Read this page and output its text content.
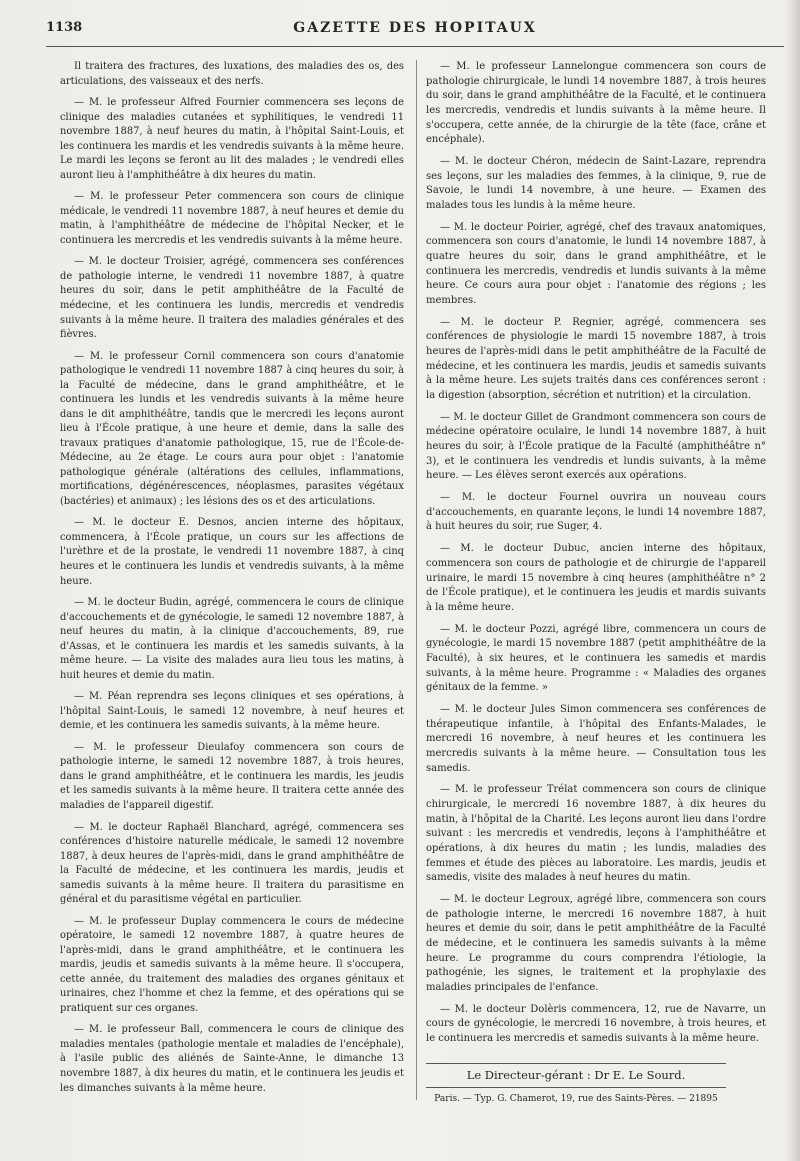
1138	GAZETTE DES HOPITAUX

Il traitera des fractures, des luxations, des maladies des os, des articulations, des vaisseaux et des nerfs.

— M. le professeur Alfred Fournier commencera ses leçons de clinique des maladies cutanées et syphilitiques, le vendredi 11 novembre 1887, à neuf heures du matin, à l'hôpital Saint-Louis, et les continuera les mardis et les vendredis suivants à la même heure. Le mardi les leçons se feront au lit des malades ; le vendredi elles auront lieu à l'amphithéâtre à dix heures du matin.

— M. le professeur Peter commencera son cours de clinique médicale, le vendredi 11 novembre 1887, à neuf heures et demie du matin, à l'amphithéâtre de médecine de l'hôpital Necker, et le continuera les mercredis et les vendredis suivants à la même heure.

— M. le docteur Troisier, agrégé, commencera ses conférences de pathologie interne, le vendredi 11 novembre 1887, à quatre heures du soir, dans le petit amphithéâtre de la Faculté de médecine, et les continuera les lundis, mercredis et vendredis suivants à la même heure. Il traitera des maladies générales et des fièvres.

— M. le professeur Cornil commencera son cours d'anatomie pathologique le vendredi 11 novembre 1887 à cinq heures du soir, à la Faculté de médecine, dans le grand amphithéâtre, et le continuera les lundis et les vendredis suivants à la même heure dans le dit amphithéâtre, tandis que le mercredi les leçons auront lieu à l'École pratique, à une heure et demie, dans la salle des travaux pratiques d'anatomie pathologique, 15, rue de l'École-de-Médecine, au 2e étage. Le cours aura pour objet : l'anatomie pathologique générale (altérations des cellules, inflammations, mortifications, dégénérescences, néoplasmes, parasites végétaux (bactéries) et animaux) ; les lésions des os et des articulations.

— M. le docteur E. Desnos, ancien interne des hôpitaux, commencera, à l'École pratique, un cours sur les affections de l'urèthre et de la prostate, le vendredi 11 novembre 1887, à cinq heures et le continuera les lundis et vendredis suivants, à la même heure.

— M. le docteur Budin, agrégé, commencera le cours de clinique d'accouchements et de gynécologie, le samedi 12 novembre 1887, à neuf heures du matin, à la clinique d'accouchements, 89, rue d'Assas, et le continuera les mardis et les samedis suivants, à la même heure. — La visite des malades aura lieu tous les matins, à huit heures et demie du matin.

— M. Péan reprendra ses leçons cliniques et ses opérations, à l'hôpital Saint-Louis, le samedi 12 novembre, à neuf heures et demie, et les continuera les samedis suivants, à la même heure.

— M. le professeur Dieulafoy commencera son cours de pathologie interne, le samedi 12 novembre 1887, à trois heures, dans le grand amphithéâtre, et le continuera les mardis, les jeudis et les samedis suivants à la même heure. Il traitera cette année des maladies de l'appareil digestif.

— M. le docteur Raphaël Blanchard, agrégé, commencera ses conférences d'histoire naturelle médicale, le samedi 12 novembre 1887, à deux heures de l'après-midi, dans le grand amphithéâtre de la Faculté de médecine, et les continuera les mardis, jeudis et samedis suivants à la même heure. Il traitera du parasitisme en général et du parasitisme végétal en particulier.

— M. le professeur Duplay commencera le cours de médecine opératoire, le samedi 12 novembre 1887, à quatre heures de l'après-midi, dans le grand amphithéâtre, et le continuera les mardis, jeudis et samedis suivants à la même heure. Il s'occupera, cette année, du traitement des maladies des organes génitaux et urinaires, chez l'homme et chez la femme, et des opérations qui se pratiquent sur ces organes.

— M. le professeur Ball, commencera le cours de clinique des maladies mentales (pathologie mentale et maladies de l'encéphale), à l'asile public des aliénés de Sainte-Anne, le dimanche 13 novembre 1887, à dix heures du matin, et le continuera les jeudis et les dimanches suivants à la même heure.

— M. le professeur Lannelongue commencera son cours de pathologie chirurgicale, le lundi 14 novembre 1887, à trois heures du soir, dans le grand amphithéâtre de la Faculté, et le continuera les mercredis, vendredis et lundis suivants à la même heure. Il s'occupera, cette année, de la chirurgie de la tête (face, crâne et encéphale).

— M. le docteur Chéron, médecin de Saint-Lazare, reprendra ses leçons, sur les maladies des femmes, à la clinique, 9, rue de Savoie, le lundi 14 novembre, à une heure. — Examen des malades tous les lundis à la même heure.

— M. le docteur Poirier, agrégé, chef des travaux anatomiques, commencera son cours d'anatomie, le lundi 14 novembre 1887, à quatre heures du soir, dans le grand amphithéâtre, et le continuera les mercredis, vendredis et lundis suivants à la même heure. Ce cours aura pour objet : l'anatomie des régions ; les membres.

— M. le docteur P. Regnier, agrégé, commencera ses conférences de physiologie le mardi 15 novembre 1887, à trois heures de l'après-midi dans le petit amphithéâtre de la Faculté de médecine, et les continuera les mardis, jeudis et samedis suivants à la même heure. Les sujets traités dans ces conférences seront : la digestion (absorption, sécrétion et nutrition) et la circulation.

— M. le docteur Gillet de Grandmont commencera son cours de médecine opératoire oculaire, le lundi 14 novembre 1887, à huit heures du soir, à l'École pratique de la Faculté (amphithéâtre n° 3), et le continuera les vendredis et lundis suivants, à la même heure. — Les élèves seront exercés aux opérations.

— M. le docteur Fournel ouvrira un nouveau cours d'accouchements, en quarante leçons, le lundi 14 novembre 1887, à huit heures du soir, rue Suger, 4.

— M. le docteur Dubuc, ancien interne des hôpitaux, commencera son cours de pathologie et de chirurgie de l'appareil urinaire, le mardi 15 novembre à cinq heures (amphithéâtre n° 2 de l'École pratique), et le continuera les jeudis et mardis suivants à la même heure.

— M. le docteur Pozzi, agrégé libre, commencera un cours de gynécologie, le mardi 15 novembre 1887 (petit amphithéâtre de la Faculté), à six heures, et le continuera les samedis et mardis suivants, à la même heure. Programme : « Maladies des organes génitaux de la femme. »

— M. le docteur Jules Simon commencera ses conférences de thérapeutique infantile, à l'hôpital des Enfants-Malades, le mercredi 16 novembre, à neuf heures et les continuera les mercredis suivants à la même heure. — Consultation tous les samedis.

— M. le professeur Trélat commencera son cours de clinique chirurgicale, le mercredi 16 novembre 1887, à dix heures du matin, à l'hôpital de la Charité. Les leçons auront lieu dans l'ordre suivant : les mercredis et vendredis, leçons à l'amphithéâtre et opérations, à dix heures du matin ; les lundis, maladies des femmes et étude des pièces au laboratoire. Les mardis, jeudis et samedis, visite des malades à neuf heures du matin.

— M. le docteur Legroux, agrégé libre, commencera son cours de pathologie interne, le mercredi 16 novembre 1887, à huit heures et demie du soir, dans le petit amphithéâtre de la Faculté de médecine, et le continuera les samedis suivants à la même heure. Le programme du cours comprendra l'étiologie, la pathogénie, les signes, le traitement et la prophylaxie des maladies principales de l'enfance.

— M. le docteur Dolèris commencera, 12, rue de Navarre, un cours de gynécologie, le mercredi 16 novembre, à trois heures, et le continuera les mercredis et samedis suivants à la même heure.

Le Directeur-gérant : Dr E. Le Sourd.
Paris. — Typ. G. Chamerot, 19, rue des Saints-Pères. — 21895
